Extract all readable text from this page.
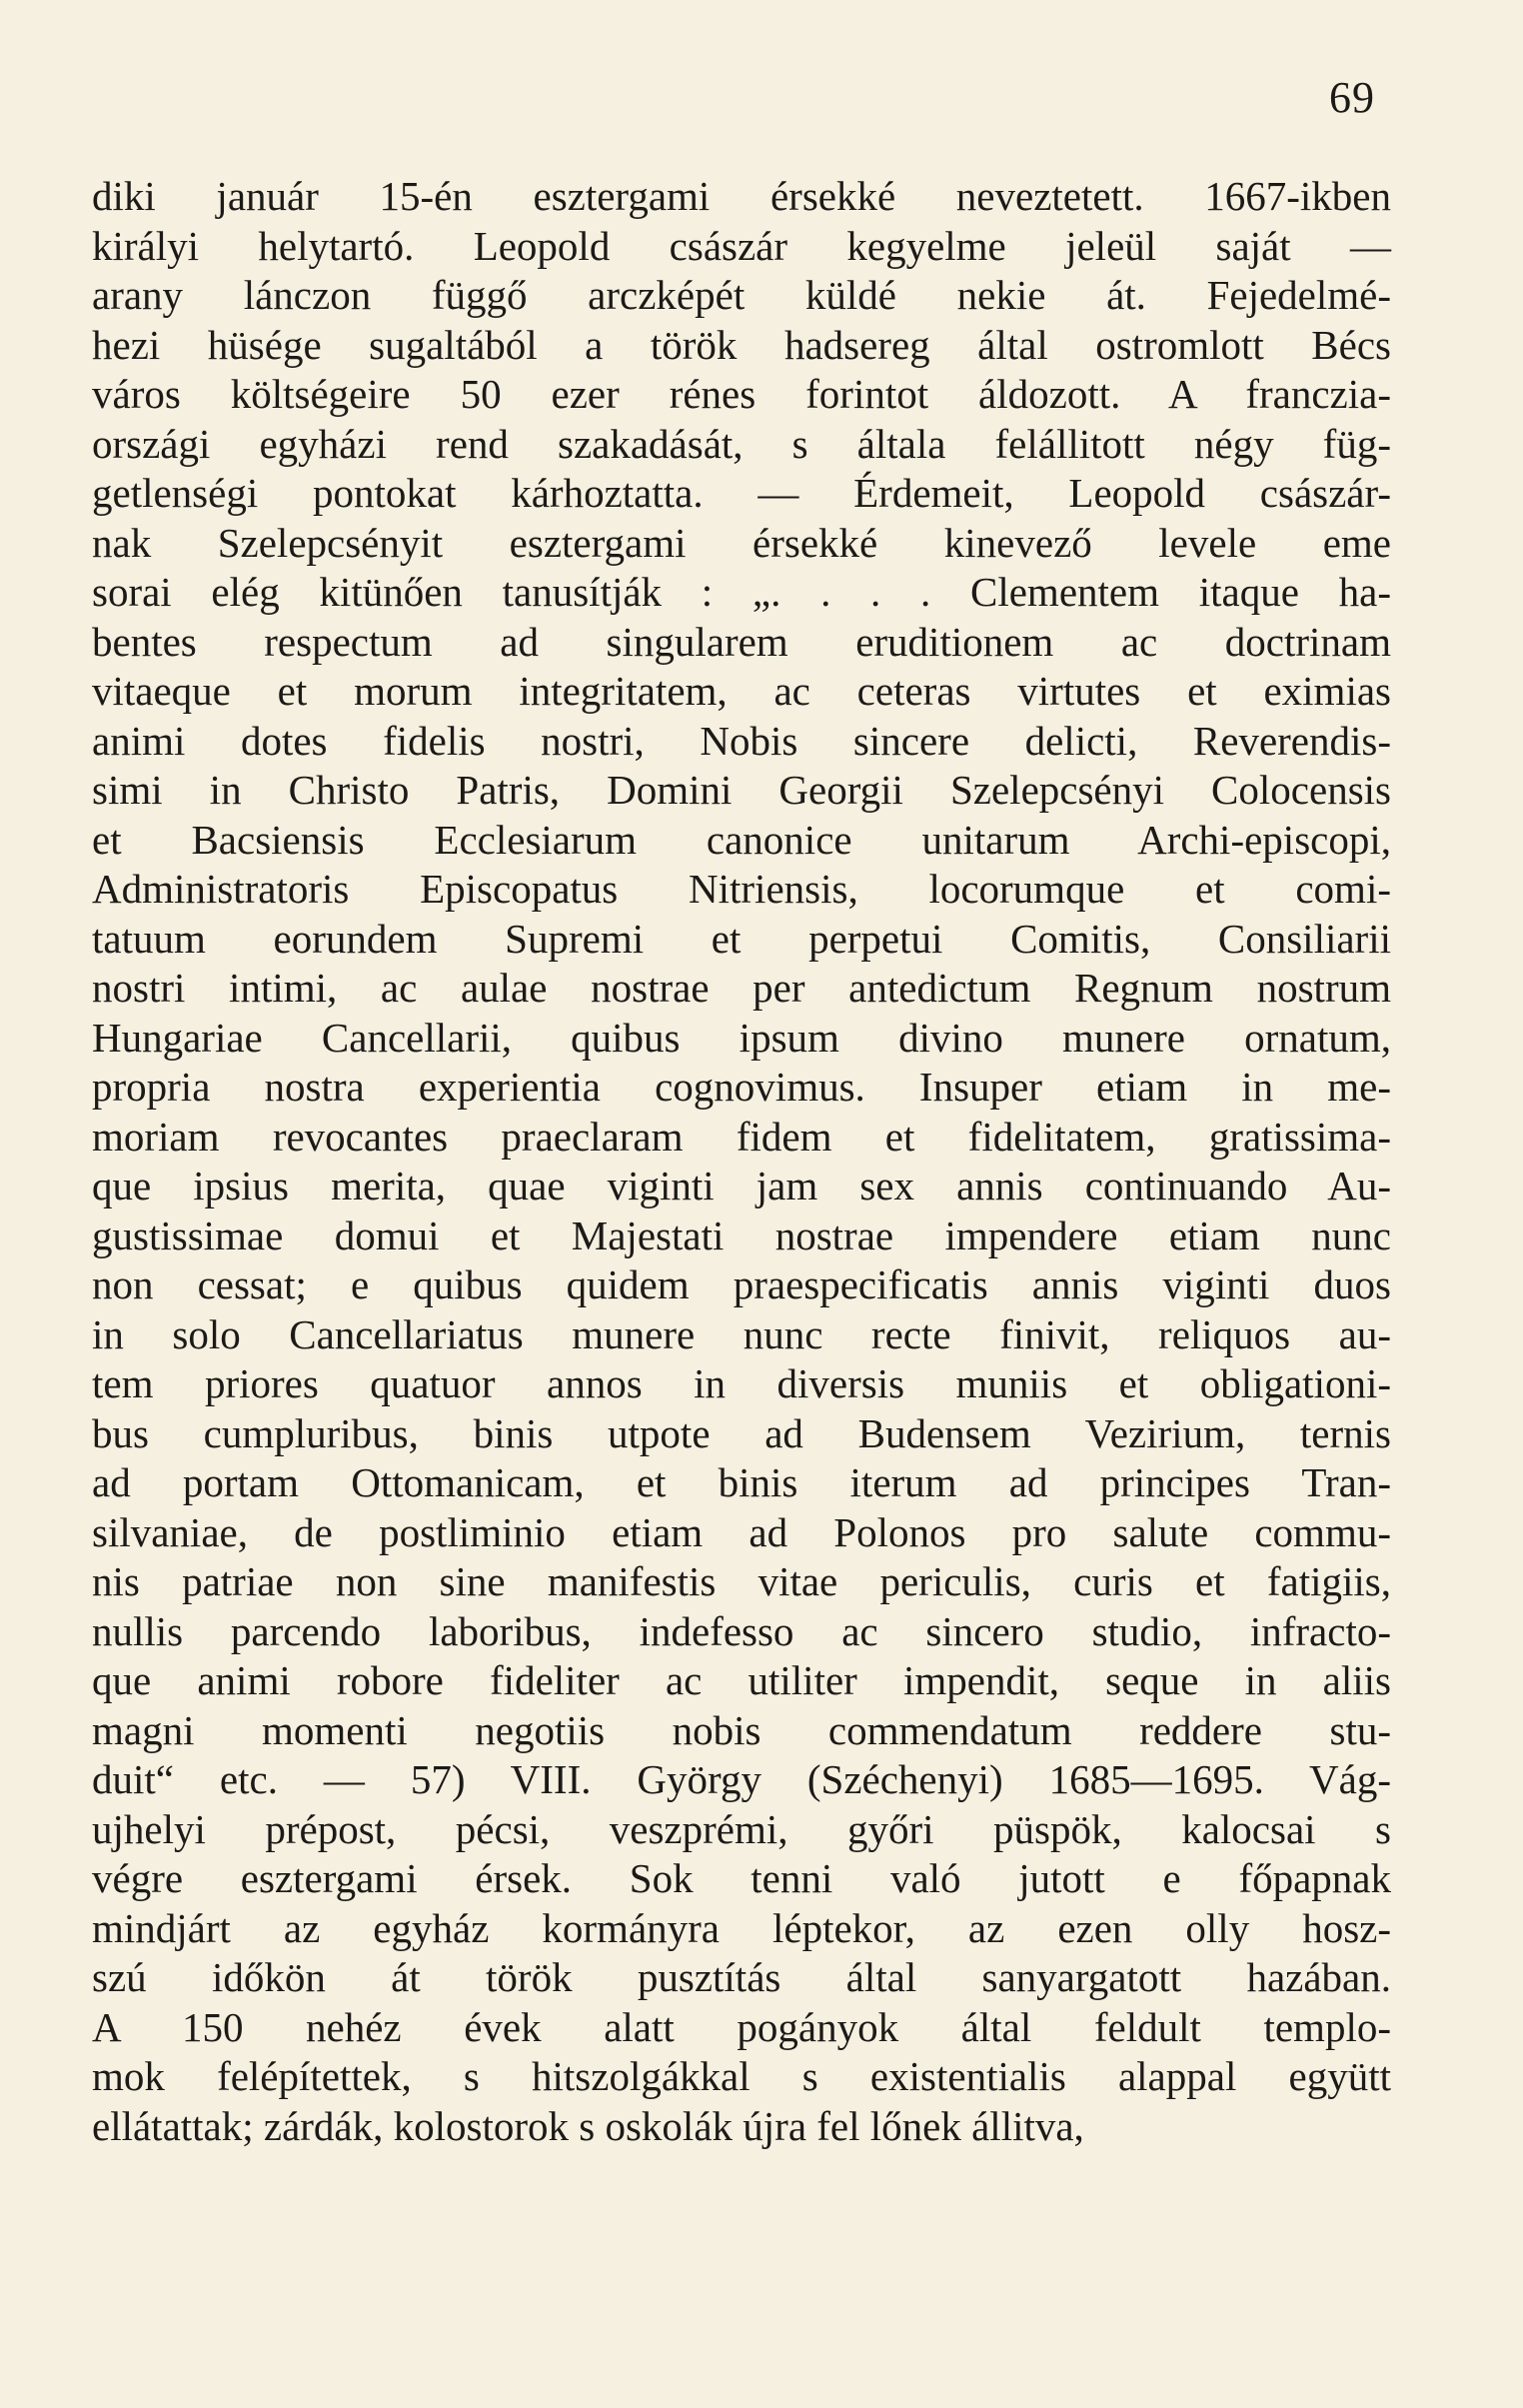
69
diki január 15-én esztergami érsekké neveztetett. 1667-ikben
királyi helytartó. Leopold császár kegyelme jeleül saját —
arany lánczon függő arczképét küldé nekie át. Fejedelmé-
hezi hüsége sugaltából a török hadsereg által ostromlott Bécs
város költségeire 50 ezer rénes forintot áldozott. A franczia-
országi egyházi rend szakadását, s általa felállitott négy füg-
getlenségi pontokat kárhoztatta. — Érdemeit, Leopold császár-
nak Szelepcsényit esztergami érsekké kinevező levele eme
sorai elég kitünően tanusítják : „. . . . Clementem itaque ha-
bentes respectum ad singularem eruditionem ac doctrinam
vitaeque et morum integritatem, ac ceteras virtutes et eximias
animi dotes fidelis nostri, Nobis sincere delicti, Reverendis-
simi in Christo Patris, Domini Georgii Szelepcsényi Colocensis
et Bacsiensis Ecclesiarum canonice unitarum Archi-episcopi,
Administratoris Episcopatus Nitriensis, locorumque et comi-
tatuum eorundem Supremi et perpetui Comitis, Consiliarii
nostri intimi, ac aulae nostrae per antedictum Regnum nostrum
Hungariae Cancellarii, quibus ipsum divino munere ornatum,
propria nostra experientia cognovimus. Insuper etiam in me-
moriam revocantes praeclaram fidem et fidelitatem, gratissima-
que ipsius merita, quae viginti jam sex annis continuando Au-
gustissimae domui et Majestati nostrae impendere etiam nunc
non cessat; e quibus quidem praespecificatis annis viginti duos
in solo Cancellariatus munere nunc recte finivit, reliquos au-
tem priores quatuor annos in diversis muniis et obligationi-
bus cumpluribus, binis utpote ad Budensem Vezirium, ternis
ad portam Ottomanicam, et binis iterum ad principes Tran-
silvaniae, de postliminio etiam ad Polonos pro salute commu-
nis patriae non sine manifestis vitae periculis, curis et fatigiis,
nullis parcendo laboribus, indefesso ac sincero studio, infracto-
que animi robore fideliter ac utiliter impendit, seque in aliis
magni momenti negotiis nobis commendatum reddere stu-
duit“ etc. — 57) VIII. György (Széchenyi) 1685—1695. Vág-
ujhelyi prépost, pécsi, veszprémi, győri püspök, kalocsai s
végre esztergami érsek. Sok tenni való jutott e főpapnak
mindjárt az egyház kormányra léptekor, az ezen olly hosz-
szú időkön át török pusztítás által sanyargatott hazában.
A 150 nehéz évek alatt pogányok által feldult templo-
mok felépítettek, s hitszolgákkal s existentialis alappal együtt
ellátattak; zárdák, kolostorok s oskolák újra fel lőnek állitva,
